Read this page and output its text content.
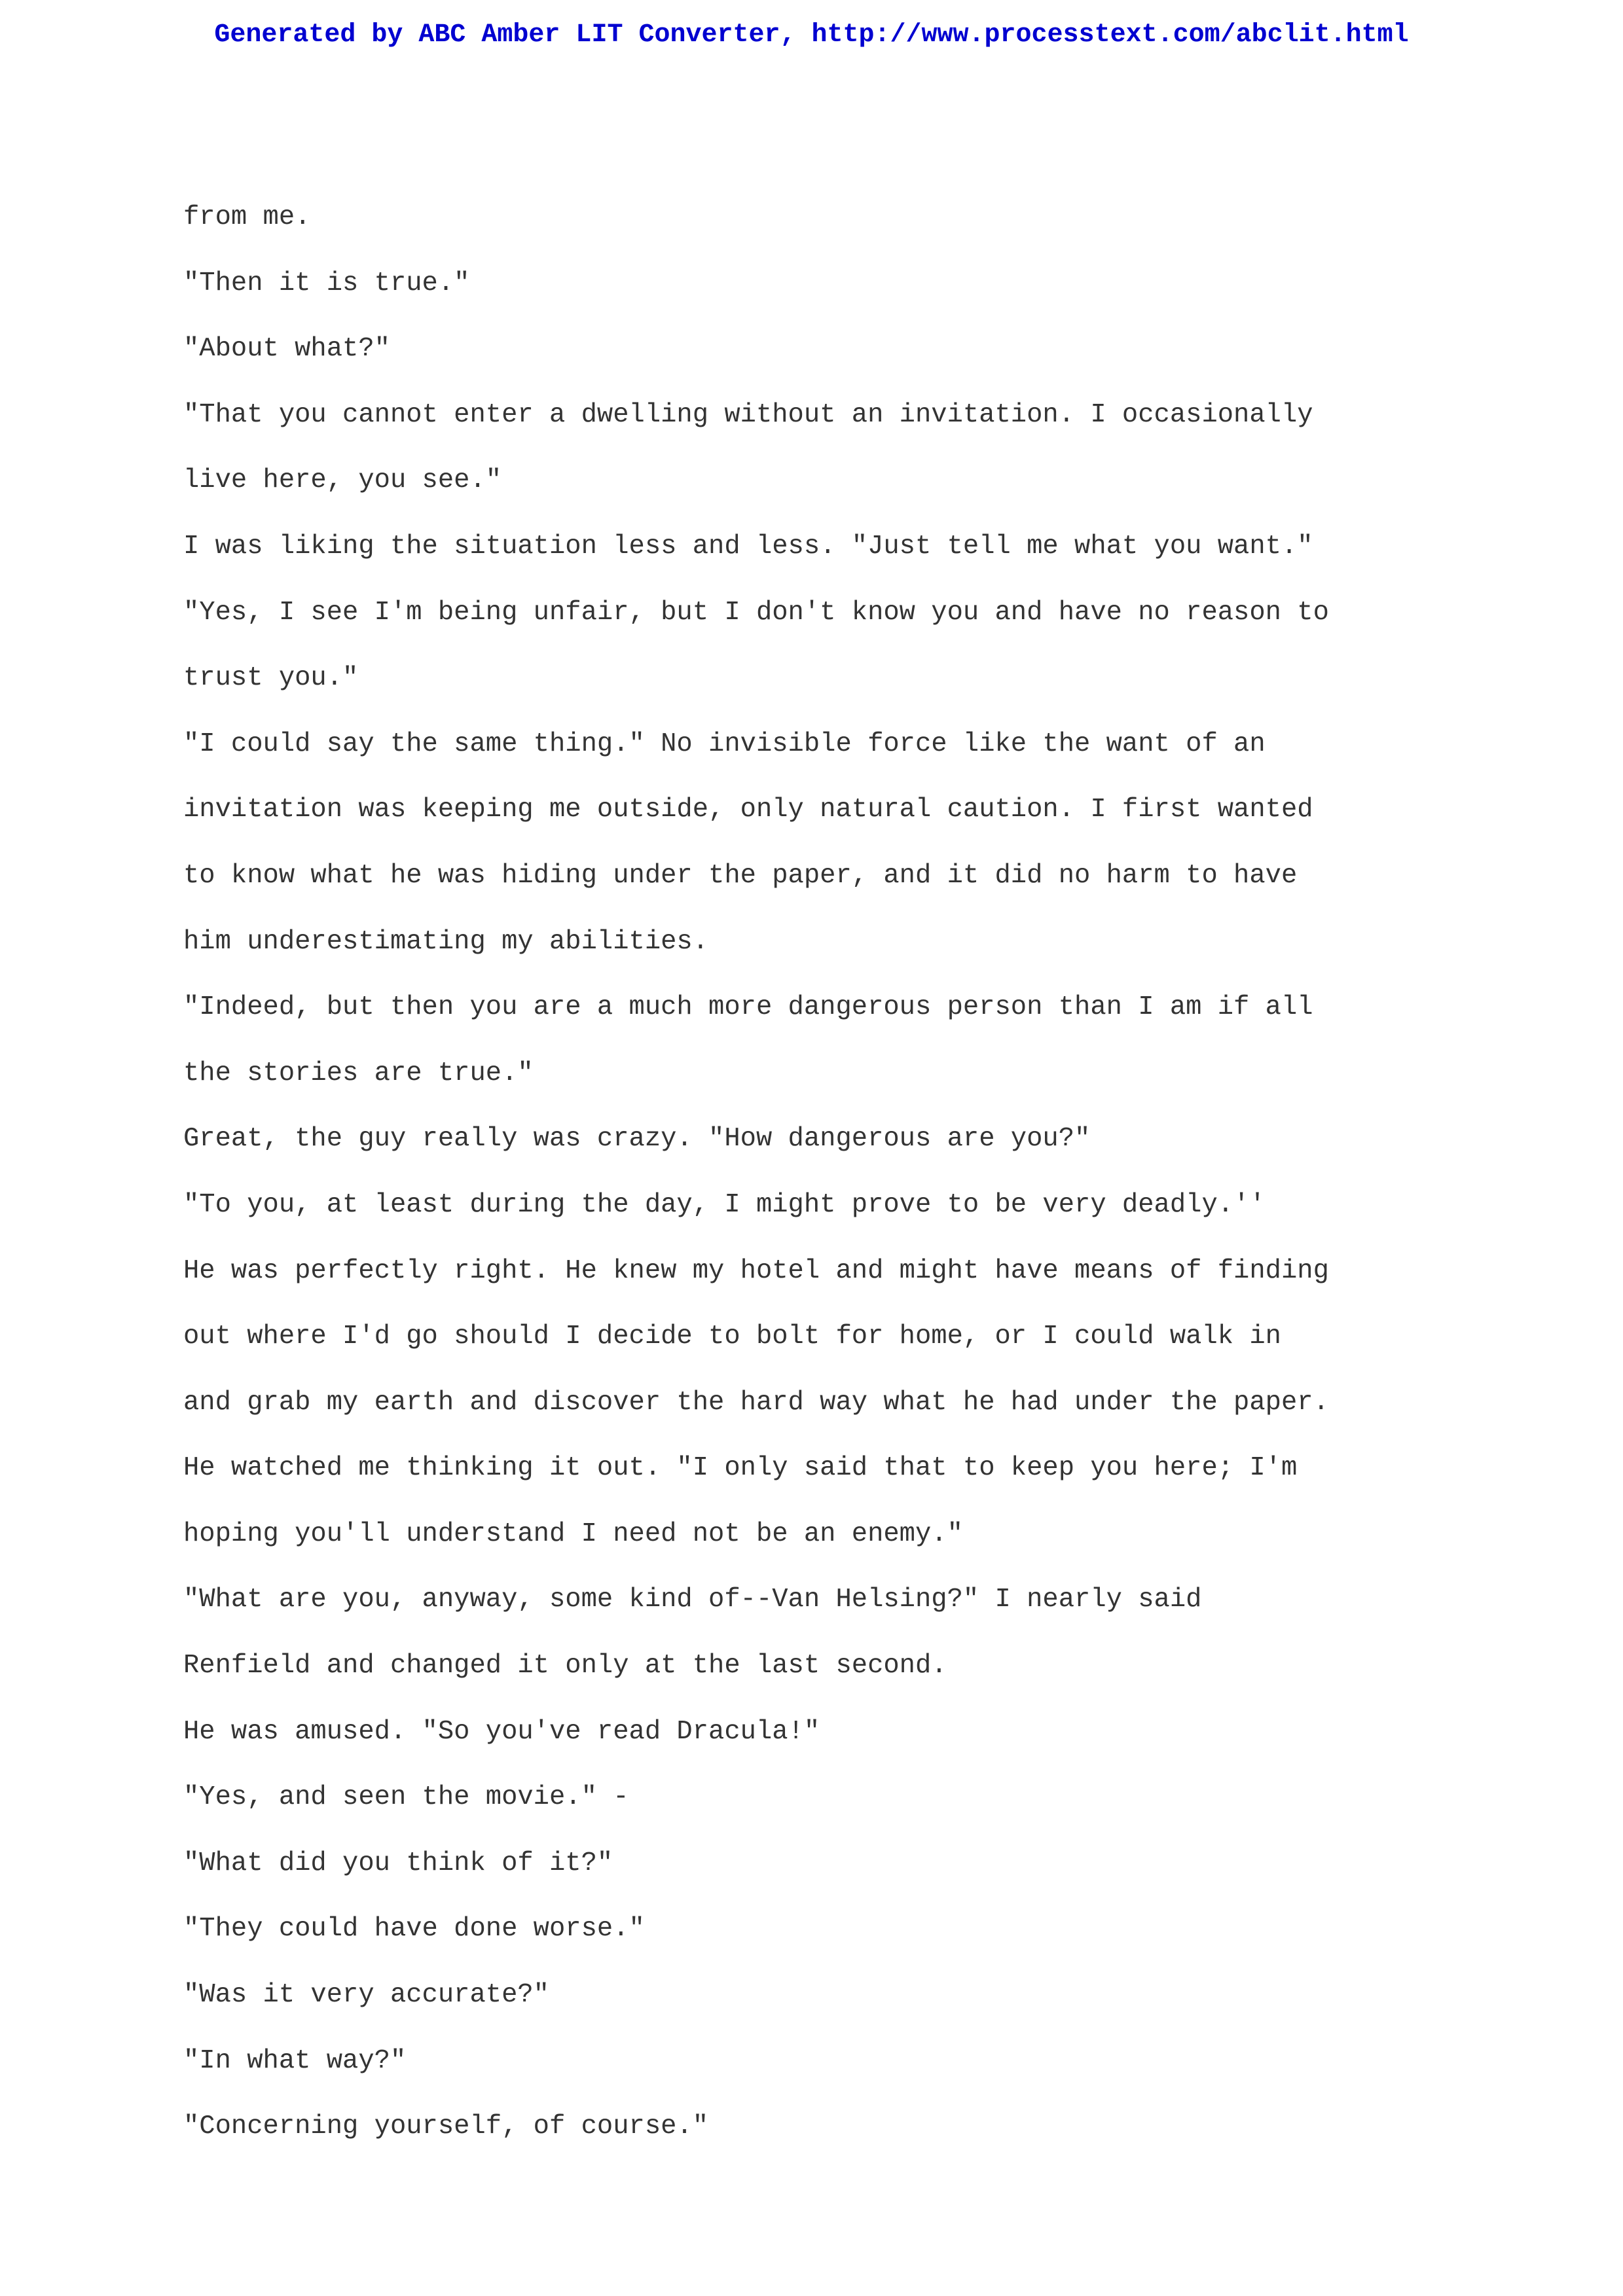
Generated by ABC Amber LIT Converter, http://www.processtext.com/abclit.html
from me.
"Then it is true."
"About what?"
"That you cannot enter a dwelling without an invitation. I occasionally
live here, you see."
I was liking the situation less and less. "Just tell me what you want."
"Yes, I see I'm being unfair, but I don't know you and have no reason to
trust you."
"I could say the same thing." No invisible force like the want of an
invitation was keeping me outside, only natural caution. I first wanted
to know what he was hiding under the paper, and it did no harm to have
him underestimating my abilities.
"Indeed, but then you are a much more dangerous person than I am if all
the stories are true."
Great, the guy really was crazy. "How dangerous are you?"
"To you, at least during the day, I might prove to be very deadly.''
He was perfectly right. He knew my hotel and might have means of finding
out where I'd go should I decide to bolt for home, or I could walk in
and grab my earth and discover the hard way what he had under the paper.
He watched me thinking it out. "I only said that to keep you here; I'm
hoping you'll understand I need not be an enemy."
"What are you, anyway, some kind of--Van Helsing?" I nearly said
Renfield and changed it only at the last second.
He was amused. "So you've read Dracula!"
"Yes, and seen the movie." -
"What did you think of it?"
"They could have done worse."
"Was it very accurate?"
"In what way?"
"Concerning yourself, of course."
